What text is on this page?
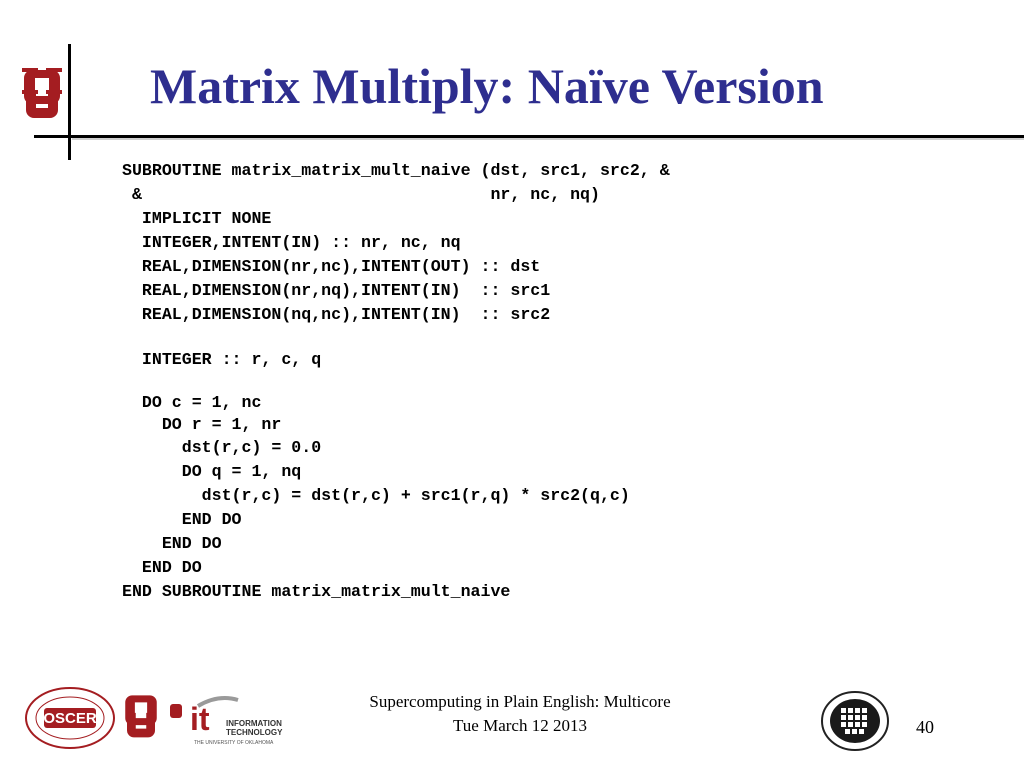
Matrix Multiply: Naïve Version
SUBROUTINE matrix_matrix_mult_naive (dst, src1, src2, &
&                                   nr, nc, nq)
IMPLICIT NONE
INTEGER,INTENT(IN) :: nr, nc, nq
REAL,DIMENSION(nr,nc),INTENT(OUT) :: dst
REAL,DIMENSION(nr,nq),INTENT(IN)  :: src1
REAL,DIMENSION(nq,nc),INTENT(IN)  :: src2
INTEGER :: r, c, q
DO c = 1, nc
DO r = 1, nr
dst(r,c) = 0.0
DO q = 1, nq
dst(r,c) = dst(r,c) + src1(r,q) * src2(q,c)
END DO
END DO
END DO
END SUBROUTINE matrix_matrix_mult_naive
OSCER	it INFORMATION
TECHNOLOGY
THE UNIVERSITY OF OKLAHOMA
Supercomputing in Plain English: Multicore
Tue March 12 2013	40
